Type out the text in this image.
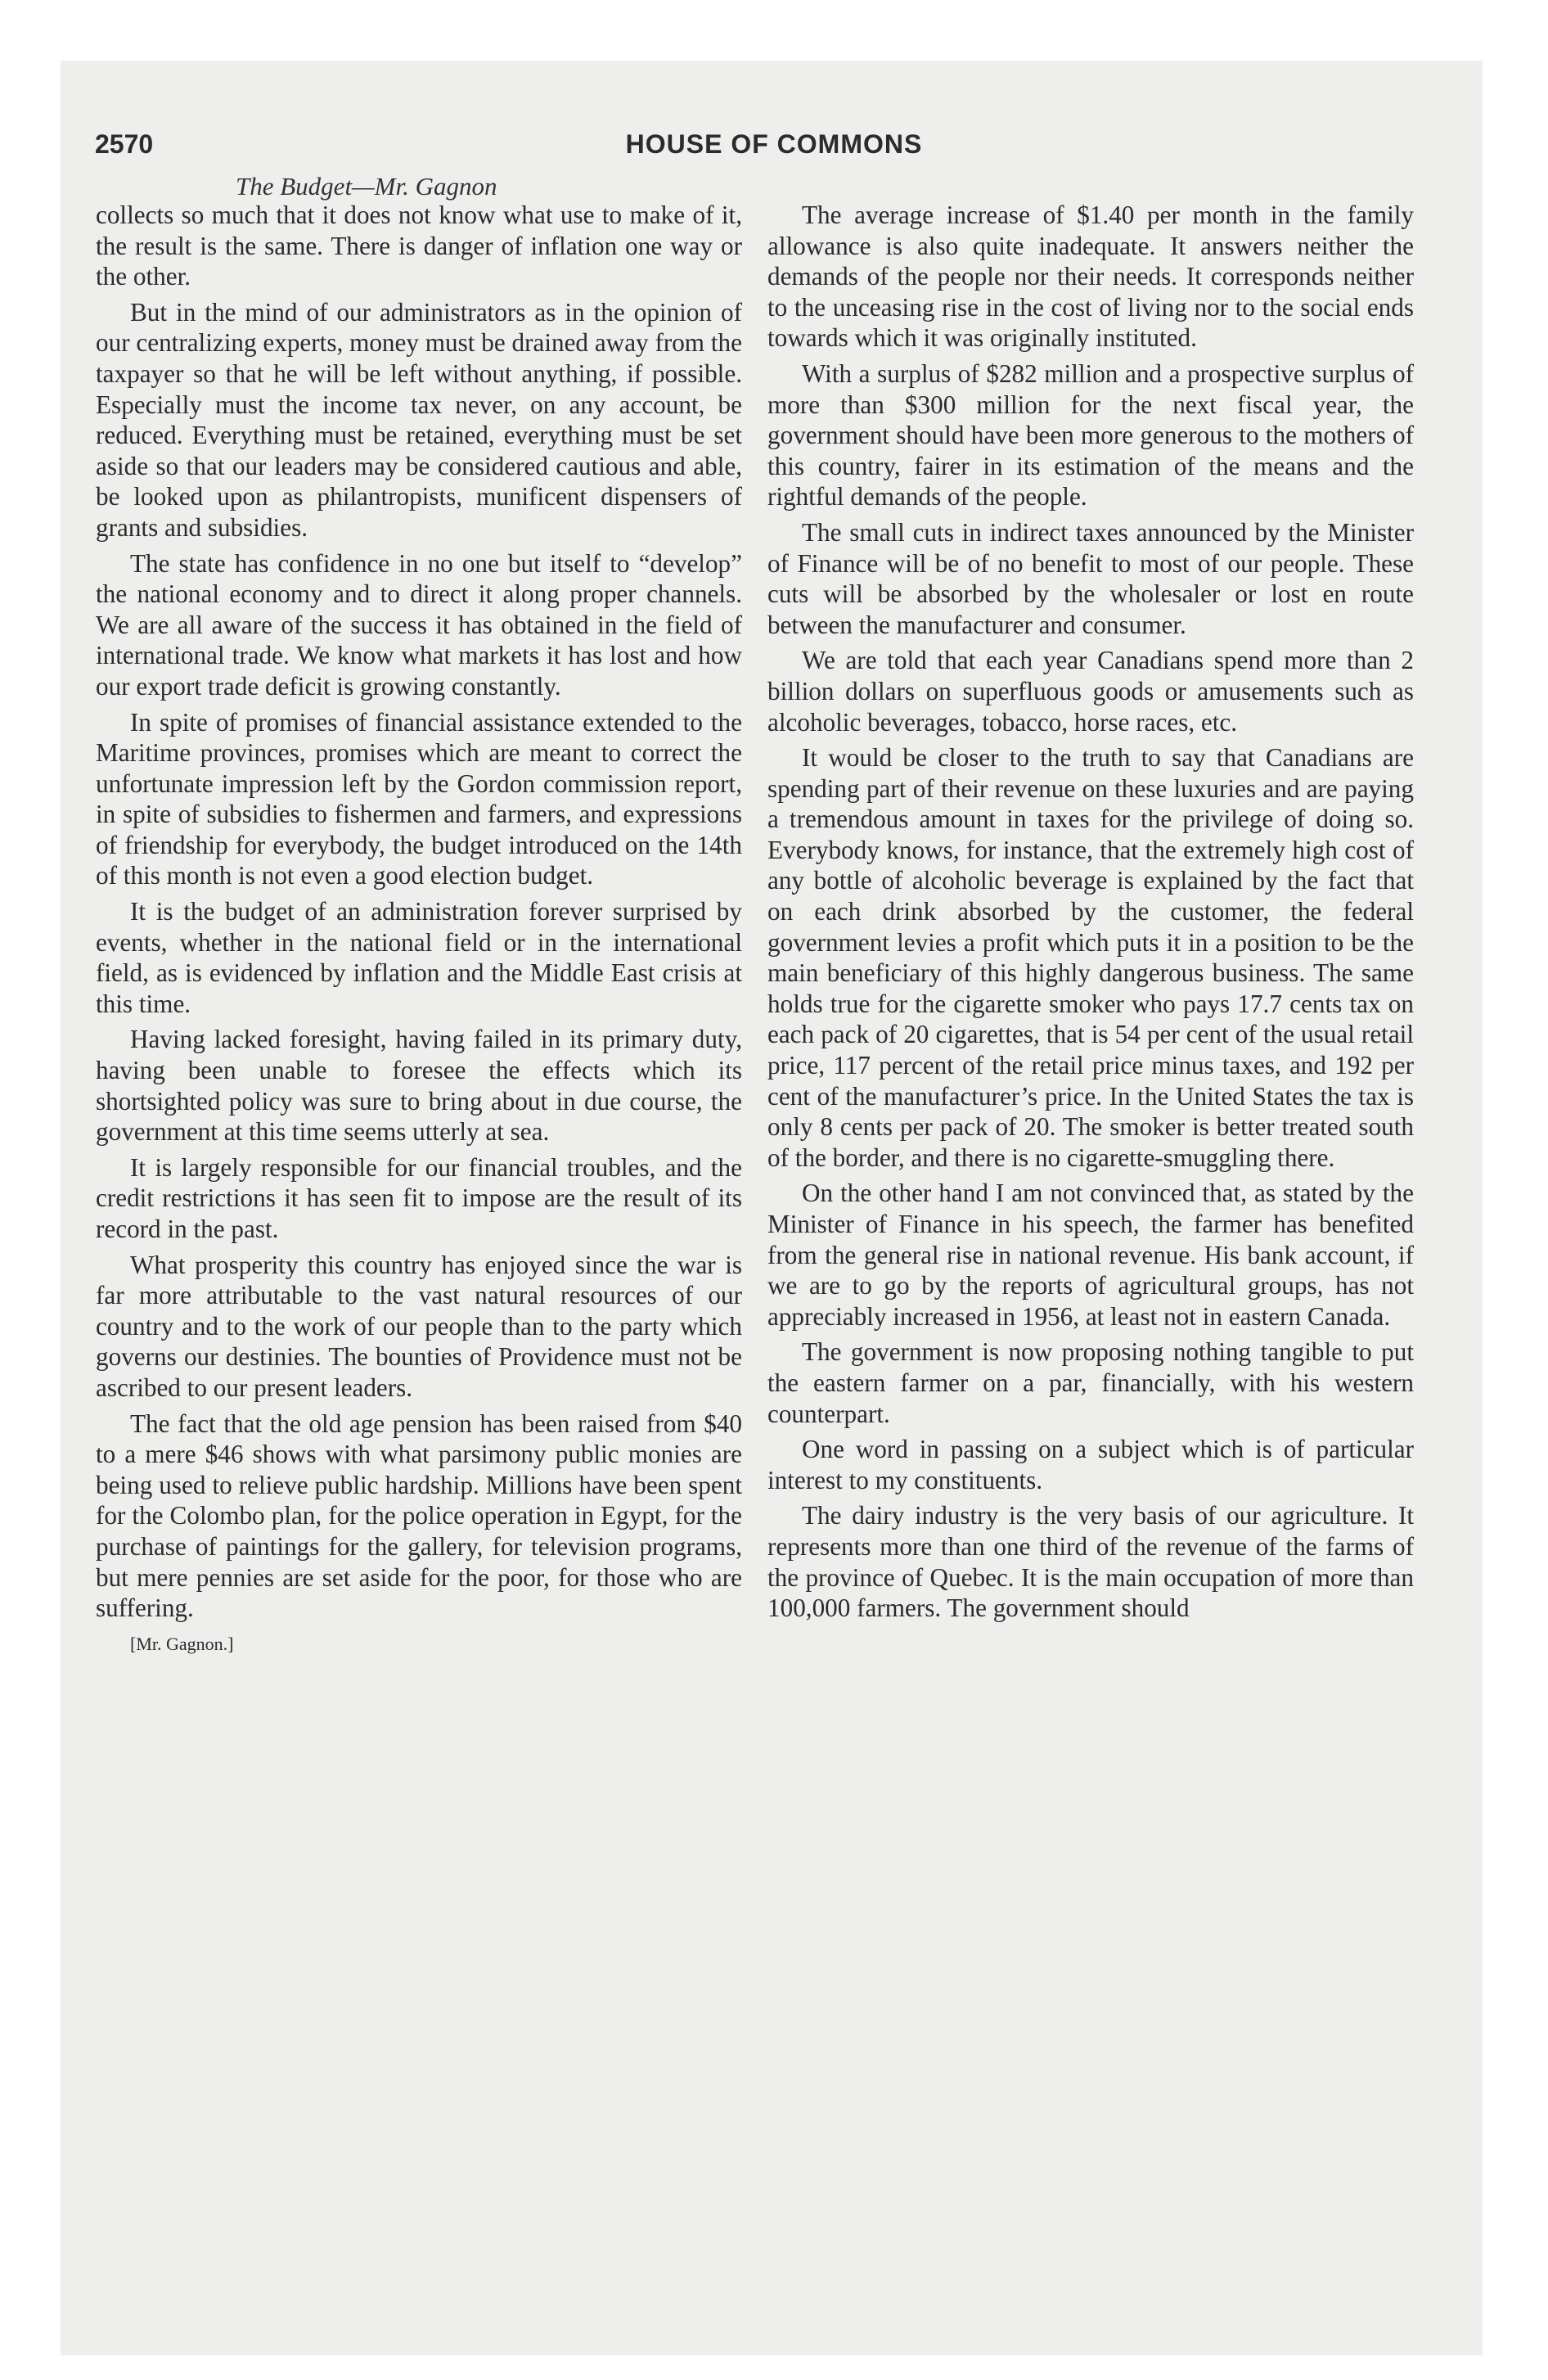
2570	HOUSE OF COMMONS
The Budget—Mr. Gagnon

collects so much that it does not know what use to make of it, the result is the same. There is danger of inflation one way or the other.

But in the mind of our administrators as in the opinion of our centralizing experts, money must be drained away from the taxpayer so that he will be left without anything, if possible. Especially must the income tax never, on any account, be reduced. Everything must be retained, everything must be set aside so that our leaders may be considered cautious and able, be looked upon as philantropists, munificent dispensers of grants and subsidies.

The state has confidence in no one but itself to “develop” the national economy and to direct it along proper channels. We are all aware of the success it has obtained in the field of international trade. We know what markets it has lost and how our export trade deficit is growing constantly.

In spite of promises of financial assistance extended to the Maritime provinces, promises which are meant to correct the unfortunate impression left by the Gordon commission report, in spite of subsidies to fishermen and farmers, and expressions of friendship for everybody, the budget introduced on the 14th of this month is not even a good election budget.

It is the budget of an administration forever surprised by events, whether in the national field or in the international field, as is evidenced by inflation and the Middle East crisis at this time.

Having lacked foresight, having failed in its primary duty, having been unable to foresee the effects which its shortsighted policy was sure to bring about in due course, the government at this time seems utterly at sea.

It is largely responsible for our financial troubles, and the credit restrictions it has seen fit to impose are the result of its record in the past.

What prosperity this country has enjoyed since the war is far more attributable to the vast natural resources of our country and to the work of our people than to the party which governs our destinies. The bounties of Providence must not be ascribed to our present leaders.

The fact that the old age pension has been raised from $40 to a mere $46 shows with what parsimony public monies are being used to relieve public hardship. Millions have been spent for the Colombo plan, for the police operation in Egypt, for the purchase of paintings for the gallery, for television programs, but mere pennies are set aside for the poor, for those who are suffering.

[Mr. Gagnon.]

The average increase of $1.40 per month in the family allowance is also quite inadequate. It answers neither the demands of the people nor their needs. It corresponds neither to the unceasing rise in the cost of living nor to the social ends towards which it was originally instituted.

With a surplus of $282 million and a prospective surplus of more than $300 million for the next fiscal year, the government should have been more generous to the mothers of this country, fairer in its estimation of the means and the rightful demands of the people.

The small cuts in indirect taxes announced by the Minister of Finance will be of no benefit to most of our people. These cuts will be absorbed by the wholesaler or lost en route between the manufacturer and consumer.

We are told that each year Canadians spend more than 2 billion dollars on superfluous goods or amusements such as alcoholic beverages, tobacco, horse races, etc.

It would be closer to the truth to say that Canadians are spending part of their revenue on these luxuries and are paying a tremendous amount in taxes for the privilege of doing so. Everybody knows, for instance, that the extremely high cost of any bottle of alcoholic beverage is explained by the fact that on each drink absorbed by the customer, the federal government levies a profit which puts it in a position to be the main beneficiary of this highly dangerous business. The same holds true for the cigarette smoker who pays 17.7 cents tax on each pack of 20 cigarettes, that is 54 per cent of the usual retail price, 117 percent of the retail price minus taxes, and 192 per cent of the manufacturer’s price. In the United States the tax is only 8 cents per pack of 20. The smoker is better treated south of the border, and there is no cigarette-smuggling there.

On the other hand I am not convinced that, as stated by the Minister of Finance in his speech, the farmer has benefited from the general rise in national revenue. His bank account, if we are to go by the reports of agricultural groups, has not appreciably increased in 1956, at least not in eastern Canada.

The government is now proposing nothing tangible to put the eastern farmer on a par, financially, with his western counterpart.

One word in passing on a subject which is of particular interest to my constituents.

The dairy industry is the very basis of our agriculture. It represents more than one third of the revenue of the farms of the province of Quebec. It is the main occupation of more than 100,000 farmers. The government should
